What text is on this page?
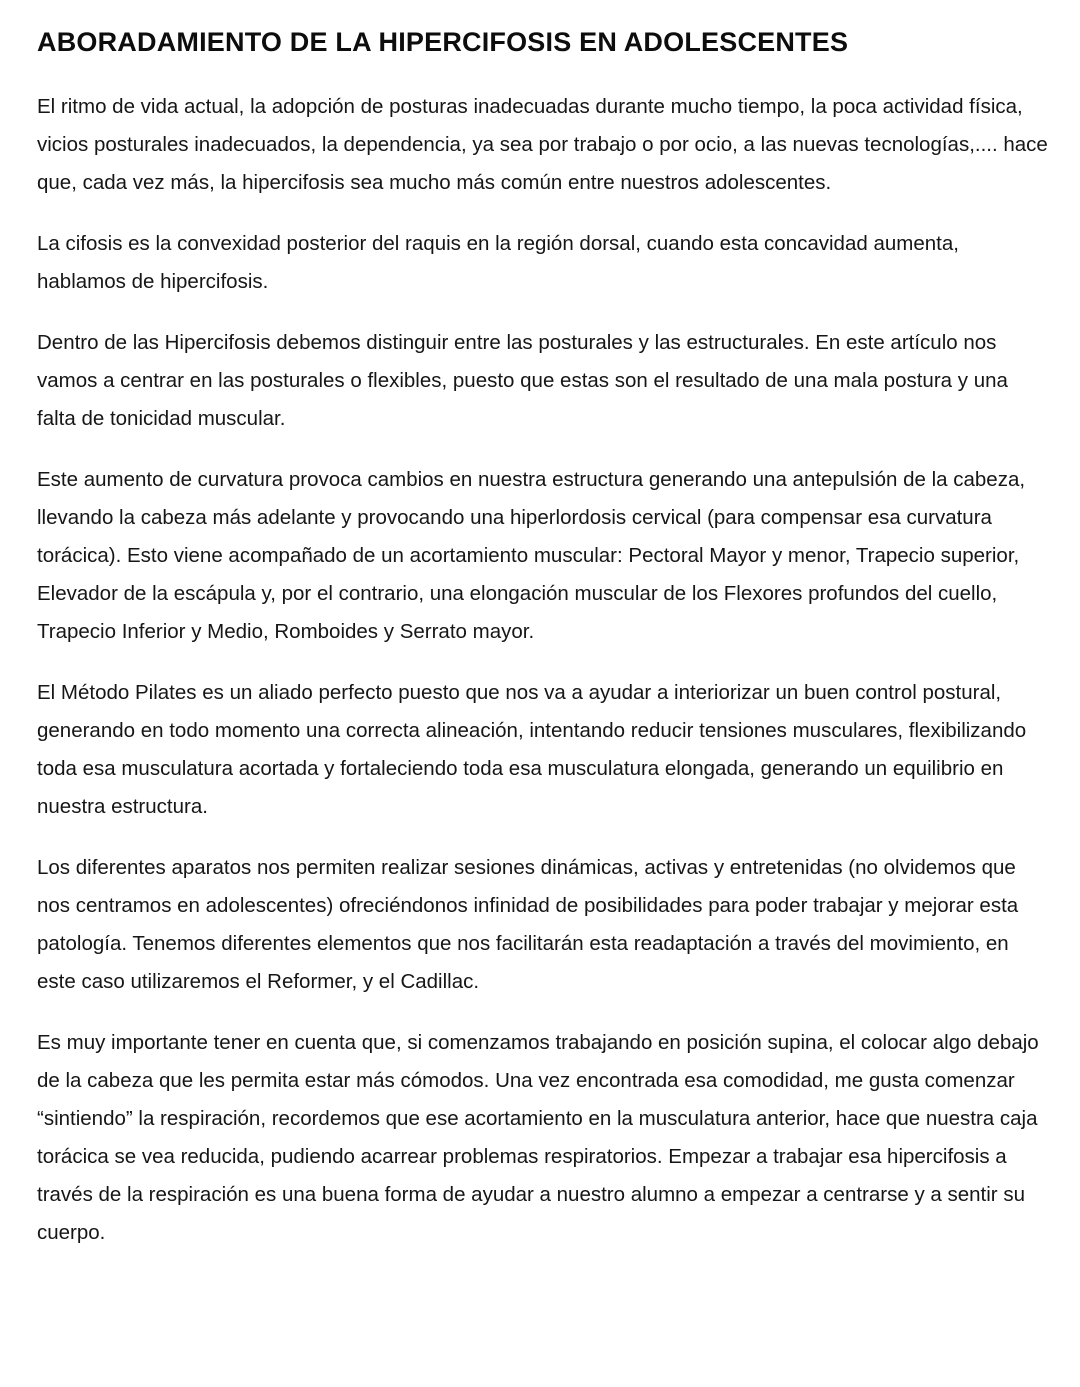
ABORADAMIENTO DE LA HIPERCIFOSIS EN ADOLESCENTES

El ritmo de vida actual, la adopción de posturas inadecuadas durante mucho tiempo, la poca actividad física, vicios posturales inadecuados, la dependencia, ya sea por trabajo o por ocio, a las nuevas tecnologías,.... hace que, cada vez más, la hipercifosis sea mucho más común entre nuestros adolescentes.

La cifosis es la convexidad posterior del raquis en la región dorsal, cuando esta concavidad aumenta, hablamos de hipercifosis.

Dentro de las Hipercifosis debemos distinguir entre las posturales y las estructurales. En este artículo nos vamos a centrar en las posturales o flexibles, puesto que estas son el resultado de una mala postura y una falta de tonicidad muscular.

Este aumento de curvatura provoca cambios en nuestra estructura generando una antepulsión de la cabeza, llevando la cabeza más adelante y provocando una hiperlordosis cervical (para compensar esa curvatura torácica). Esto viene acompañado de un acortamiento muscular: Pectoral Mayor y menor, Trapecio superior, Elevador de la escápula y, por el contrario, una elongación muscular de los Flexores profundos del cuello, Trapecio Inferior y Medio, Romboides y Serrato mayor.

El Método Pilates es un aliado perfecto puesto que nos va a ayudar a interiorizar un buen control postural, generando en todo momento una correcta alineación, intentando reducir tensiones musculares, flexibilizando toda esa musculatura acortada y fortaleciendo toda esa musculatura elongada, generando un equilibrio en nuestra estructura.

Los diferentes aparatos nos permiten realizar sesiones dinámicas, activas y entretenidas (no olvidemos que nos centramos en adolescentes) ofreciéndonos infinidad de posibilidades para poder trabajar y mejorar esta patología. Tenemos diferentes elementos que nos facilitarán esta readaptación a través del movimiento, en este caso utilizaremos el Reformer, y el Cadillac.

Es muy importante tener en cuenta que, si comenzamos trabajando en posición supina, el colocar algo debajo de la cabeza que les permita estar más cómodos. Una vez encontrada esa comodidad, me gusta comenzar “sintiendo” la respiración, recordemos que ese acortamiento en la musculatura anterior, hace que nuestra caja torácica se vea reducida, pudiendo acarrear problemas respiratorios. Empezar a trabajar esa hipercifosis a través de la respiración es una buena forma de ayudar a nuestro alumno a empezar a centrarse y a sentir su cuerpo.
